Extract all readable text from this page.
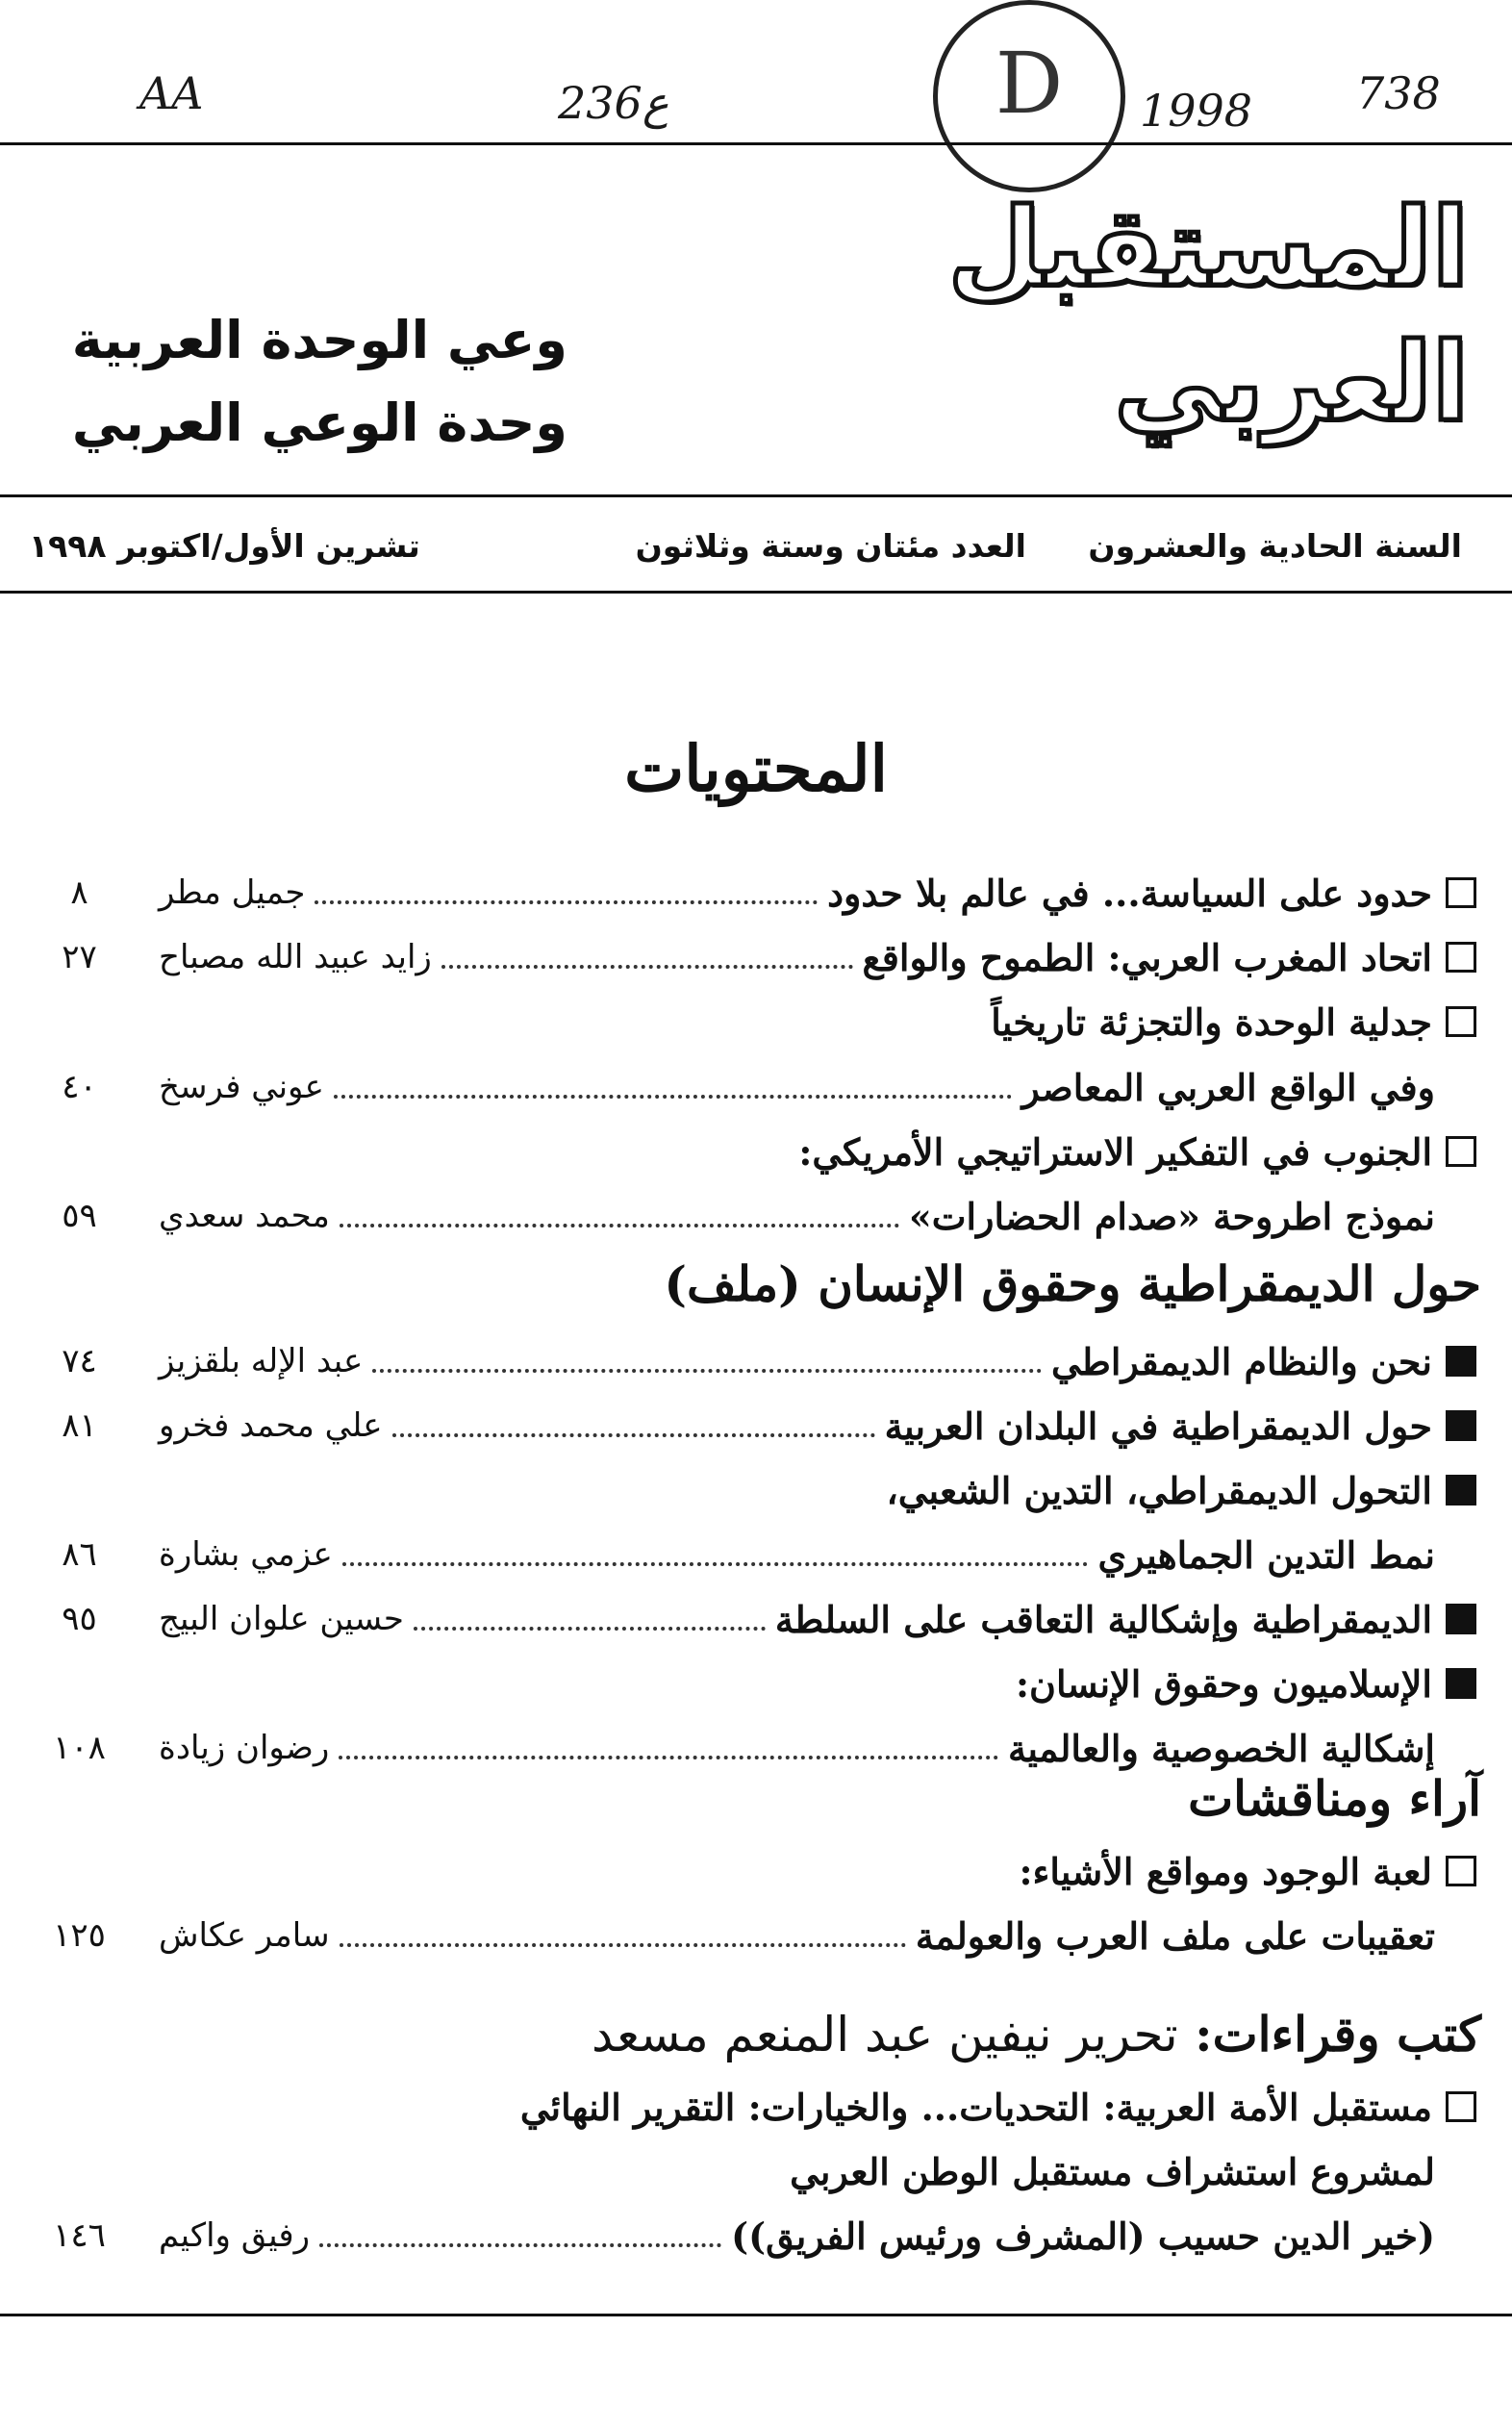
AA	236ع	1998 738
D
المستقبل العربي
وعي الوحدة العربية
وحدة الوعي العربي
السنة الحادية والعشرون
العدد مئتان وستة وثلاثون
تشرين الأول/اكتوبر ١٩٩٨
المحتويات
حدود على السياسة... في عالم بلا حدود
جميل مطر
٨
اتحاد المغرب العربي: الطموح والواقع
زايد عبيد الله مصباح
٢٧
جدلية الوحدة والتجزئة تاريخياً
وفي الواقع العربي المعاصر
عوني فرسخ
٤٠
الجنوب في التفكير الاستراتيجي الأمريكي:
نموذج اطروحة «صدام الحضارات»
محمد سعدي
٥٩
حول الديمقراطية وحقوق الإنسان (ملف)
نحن والنظام الديمقراطي
عبد الإله بلقزيز
٧٤
حول الديمقراطية في البلدان العربية
علي محمد فخرو
٨١
التحول الديمقراطي، التدين الشعبي،
نمط التدين الجماهيري
عزمي بشارة
٨٦
الديمقراطية وإشكالية التعاقب على السلطة
حسين علوان البيج
٩٥
الإسلاميون وحقوق الإنسان:
إشكالية الخصوصية والعالمية
رضوان زيادة
١٠٨
آراء ومناقشات
لعبة الوجود ومواقع الأشياء:
تعقيبات على ملف العرب والعولمة
سامر عكاش
١٢٥
كتب وقراءات: تحرير نيفين عبد المنعم مسعد
مستقبل الأمة العربية: التحديات... والخيارات: التقرير النهائي
لمشروع استشراف مستقبل الوطن العربي
(خير الدين حسيب (المشرف ورئيس الفريق))
رفيق واكيم
١٤٦
